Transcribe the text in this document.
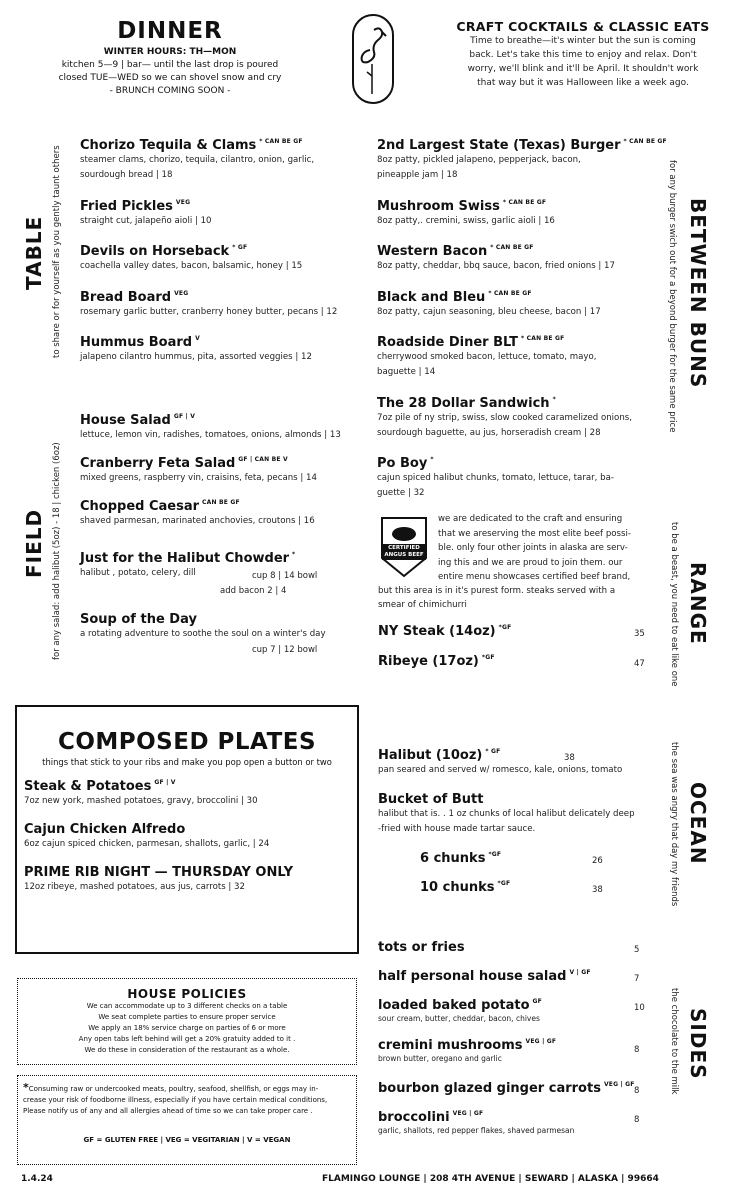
DINNER
WINTER HOURS: TH—MON
kitchen 5—9 | bar— until the last drop is poured
closed TUE—WED so we can shovel snow and cry
- BRUNCH COMING SOON -
CRAFT COCKTAILS & CLASSIC EATS
Time to breathe—it's winter but the sun is coming
back. Let's take this time to enjoy and relax. Don't
worry, we'll blink and it'll be April. It shouldn't work
that way but it was Halloween like a week ago.
TABLE to share or for yourself as you gently taunt others
FIELD for any salad: add halibut (5oz) - 18 | chicken (6oz)
BETWEEN BUNS
for any burger swich out for a beyond burger for the same price
RANGE
to be a beast, you need to eat like one
OCEAN
the sea was angry that day my friends
SIDES
the chocolate to the milk
Chorizo Tequila & Clams $^{* CAN BE GF}$
steamer clams, chorizo, tequila, cilantro, onion, garlic,
sourdough bread | 18
Fried Pickles $^{VEG}$
straight cut, jalapeño aioli | 10
Devils on Horseback $^{* GF}$
coachella valley dates, bacon, balsamic, honey | 15
Bread Board $^{VEG}$
rosemary garlic butter, cranberry honey butter, pecans | 12
Hummus Board $^V$
jalapeno cilantro hummus, pita, assorted veggies | 12
House Salad $^{GF | V}$
lettuce, lemon vin, radishes, tomatoes, onions, almonds | 13
Cranberry Feta Salad $^{GF | CAN BE V}$
mixed greens, raspberry vin, craisins, feta, pecans | 14
Chopped Caesar $^{CAN BE GF}$
shaved parmesan, marinated anchovies, croutons | 16
Just for the Halibut Chowder *
halibut , potato, celery, dill	cup 8 | 14 bowl
add bacon 2 | 4
Soup of the Day
a rotating adventure to soothe the soul on a winter's day
cup 7 | 12 bowl
2nd Largest State (Texas) Burger $^{* CAN BE GF}$
8oz patty, pickled jalapeno, pepperjack, bacon,
pineapple jam | 18
Mushroom Swiss $^{* CAN BE GF}$
8oz patty,. cremini, swiss, garlic aioli | 16
Western Bacon $^{* CAN BE GF}$
8oz patty, cheddar, bbq sauce, bacon, fried onions | 17
Black and Bleu $^{* CAN BE GF}$
8oz patty, cajun seasoning, bleu cheese, bacon | 17
Roadside Diner BLT $^{* CAN BE GF}$
cherrywood smoked bacon, lettuce, tomato, mayo,
baguette | 14
The 28 Dollar Sandwich *
7oz pile of ny strip, swiss, slow cooked caramelized onions,
sourdough baguette, au jus, horseradish cream | 28
Po Boy *
cajun spiced halibut chunks, tomato, lettuce, tarar, ba-
guette | 32
CERTIFIED
ANGUS BEEF
we are dedicated to the craft and ensuring
that we areserving the most elite beef possi-
ble. only four other joints in alaska are serv-
ing this and we are proud to join them. our
entire menu showcases certified beef brand,
but this area is in it's purest form. steaks served with a
smear of chimichurri
NY Steak (14oz) $^{*GF}$
35
Ribeye (17oz) $^{*GF}$
47
COMPOSED PLATES
things that stick to your ribs and make you pop open a button or two
Steak & Potatoes $^{GF | V}$
7oz new york, mashed potatoes, gravy, broccolini | 30
Cajun Chicken Alfredo
6oz cajun spiced chicken, parmesan, shallots, garlic, | 24
PRIME RIB NIGHT — THURSDAY ONLY
12oz ribeye, mashed potatoes, aus jus, carrots | 32
Halibut (10oz) $^{* GF}$
pan seared and served w/ romesco, kale, onions, tomato
38
Bucket of Butt
halibut that is. . 1 oz chunks of local halibut delicately deep
-fried with house made tartar sauce.
6 chunks $^{*GF}$
26
10 chunks $^{*GF}$
38
tots or fries	5
half personal house salad $^{V | GF}$
7
loaded baked potato $^{GF}$
sour cream, butter, cheddar, bacon, chives
10
cremini mushrooms $^{VEG | GF}$
brown butter, oregano and garlic
8
bourbon glazed ginger carrots $^{VEG | GF}$
8
broccolini $^{VEG | GF}$
garlic, shallots, red pepper flakes, shaved parmesan
8
HOUSE POLICIES
We can accommodate up to 3 different checks on a table
We seat complete parties to ensure proper service
We apply an 18% service charge on parties of 6 or more
Any open tabs left behind will get a 20% gratuity added to it .
We do these in consideration of the restaurant as a whole.
*Consuming raw or undercooked meats, poultry, seafood, shellfish, or eggs may in-
crease your risk of foodborne illness, especially if you have certain medical conditions,
Please notify us of any and all allergies ahead of time so we can take proper care .
GF = GLUTEN FREE | VEG = VEGITARIAN | V = VEGAN
1.4.24	FLAMINGO LOUNGE | 208 4TH AVENUE | SEWARD | ALASKA | 99664
